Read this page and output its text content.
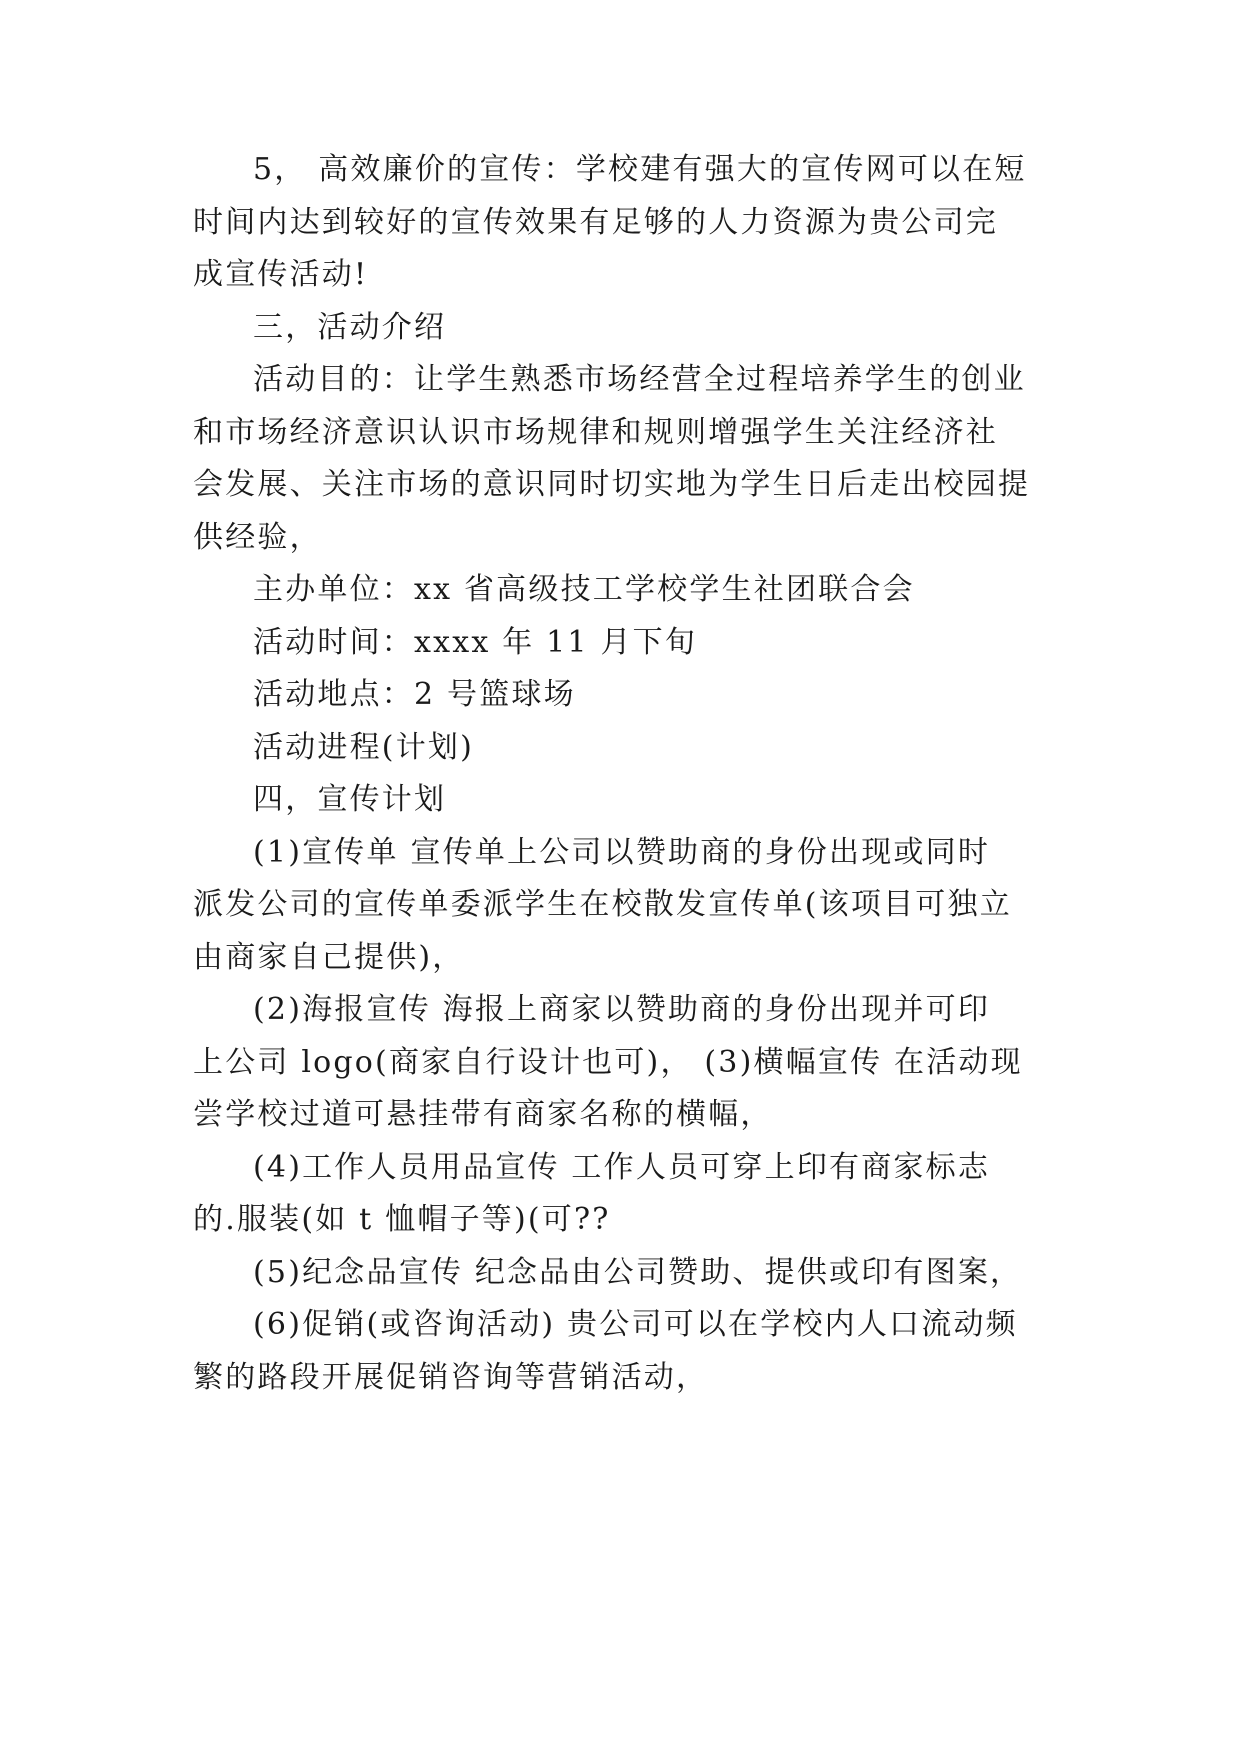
5， 高效廉价的宣传：学校建有强大的宣传网可以在短
时间内达到较好的宣传效果有足够的人力资源为贵公司完
成宣传活动!
三，活动介绍
活动目的：让学生熟悉市场经营全过程培养学生的创业
和市场经济意识认识市场规律和规则增强学生关注经济社
会发展、关注市场的意识同时切实地为学生日后走出校园提
供经验，
主办单位：xx 省高级技工学校学生社团联合会
活动时间：xxxx 年 11 月下旬
活动地点：2 号篮球场
活动进程(计划)
四，宣传计划
(1)宣传单 宣传单上公司以赞助商的身份出现或同时
派发公司的宣传单委派学生在校散发宣传单(该项目可独立
由商家自己提供)，
(2)海报宣传 海报上商家以赞助商的身份出现并可印
上公司 logo(商家自行设计也可)， (3)横幅宣传 在活动现
尝学校过道可悬挂带有商家名称的横幅，
(4)工作人员用品宣传 工作人员可穿上印有商家标志
的.服装(如 t 恤帽子等)(可??
(5)纪念品宣传 纪念品由公司赞助、提供或印有图案，
(6)促销(或咨询活动) 贵公司可以在学校内人口流动频
繁的路段开展促销咨询等营销活动，
